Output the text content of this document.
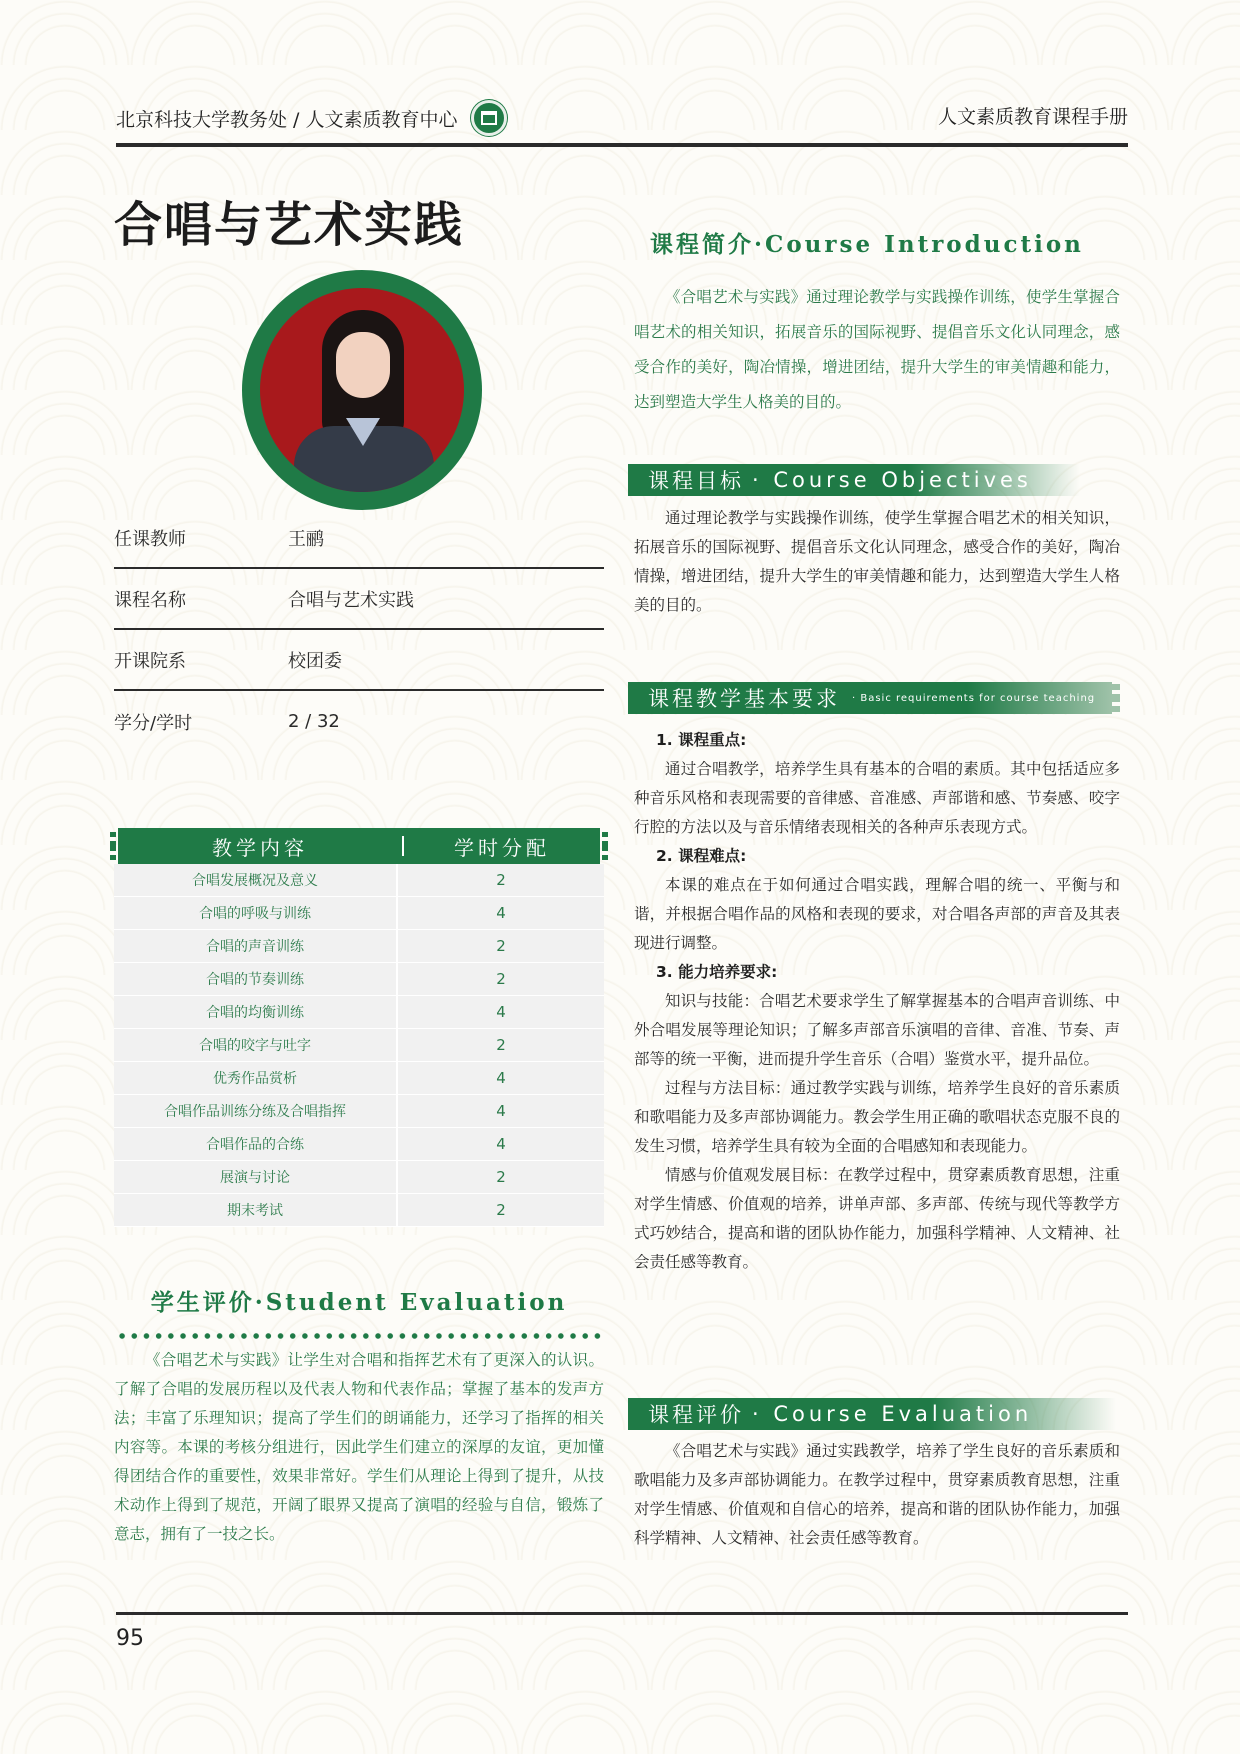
北京科技大学教务处 / 人文素质教育中心	人文素质教育课程手册
合唱与艺术实践
任课教师	王鹂
课程名称	合唱与艺术实践
开课院系	校团委
学分/学时	2 / 32
教学内容	学时分配
合唱发展概况及意义	2
合唱的呼吸与训练	4
合唱的声音训练	2
合唱的节奏训练	2
合唱的均衡训练	4
合唱的咬字与吐字	2
优秀作品赏析	4
合唱作品训练分练及合唱指挥	4
合唱作品的合练	4
展演与讨论	2
期末考试	2
学生评价·Student Evaluation

《合唱艺术与实践》让学生对合唱和指挥艺术有了更深入的认识。了解了合唱的发展历程以及代表人物和代表作品；掌握了基本的发声方法；丰富了乐理知识；提高了学生们的朗诵能力，还学习了指挥的相关内容等。本课的考核分组进行，因此学生们建立的深厚的友谊，更加懂得团结合作的重要性，效果非常好。学生们从理论上得到了提升，从技术动作上得到了规范，开阔了眼界又提高了演唱的经验与自信，锻炼了意志，拥有了一技之长。

课程简介·Course Introduction

《合唱艺术与实践》通过理论教学与实践操作训练，使学生掌握合唱艺术的相关知识，拓展音乐的国际视野、提倡音乐文化认同理念，感受合作的美好，陶冶情操，增进团结，提升大学生的审美情趣和能力，达到塑造大学生人格美的目的。

课程目标 · Course Objectives

通过理论教学与实践操作训练，使学生掌握合唱艺术的相关知识，拓展音乐的国际视野、提倡音乐文化认同理念，感受合作的美好，陶冶情操，增进团结，提升大学生的审美情趣和能力，达到塑造大学生人格美的目的。

课程教学基本要求 · Basic requirements for course teaching
1. 课程重点:

通过合唱教学，培养学生具有基本的合唱的素质。其中包括适应多种音乐风格和表现需要的音律感、音准感、声部谐和感、节奏感、咬字行腔的方法以及与音乐情绪表现相关的各种声乐表现方式。

2. 课程难点:

本课的难点在于如何通过合唱实践，理解合唱的统一、平衡与和谐，并根据合唱作品的风格和表现的要求，对合唱各声部的声音及其表现进行调整。

3. 能力培养要求:

知识与技能：合唱艺术要求学生了解掌握基本的合唱声音训练、中外合唱发展等理论知识；了解多声部音乐演唱的音律、音准、节奏、声部等的统一平衡，进而提升学生音乐（合唱）鉴赏水平，提升品位。

过程与方法目标：通过教学实践与训练，培养学生良好的音乐素质和歌唱能力及多声部协调能力。教会学生用正确的歌唱状态克服不良的发生习惯，培养学生具有较为全面的合唱感知和表现能力。

情感与价值观发展目标：在教学过程中，贯穿素质教育思想，注重对学生情感、价值观的培养，讲单声部、多声部、传统与现代等教学方式巧妙结合，提高和谐的团队协作能力，加强科学精神、人文精神、社会责任感等教育。

课程评价 · Course Evaluation

《合唱艺术与实践》通过实践教学，培养了学生良好的音乐素质和歌唱能力及多声部协调能力。在教学过程中，贯穿素质教育思想，注重对学生情感、价值观和自信心的培养，提高和谐的团队协作能力，加强科学精神、人文精神、社会责任感等教育。

95
